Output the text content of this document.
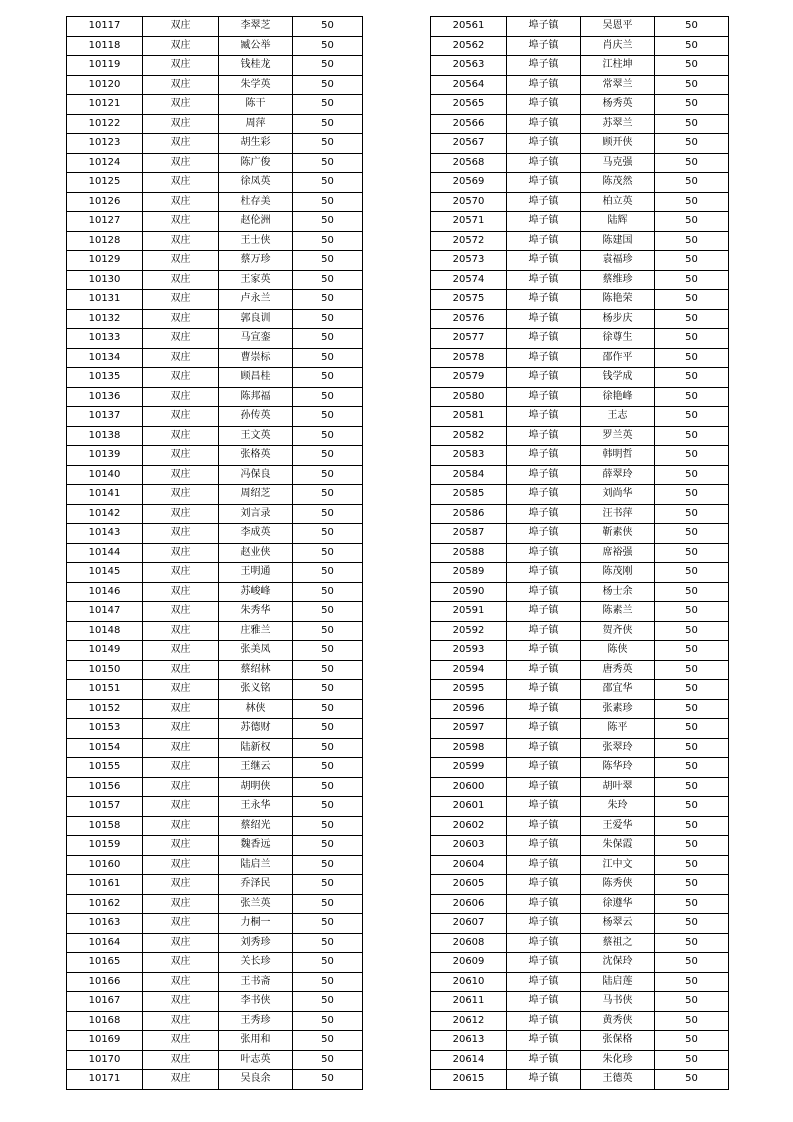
10117	双庄	李翠芝	50
10118	双庄	臧公举	50
10119	双庄	钱桂龙	50
10120	双庄	朱学英	50
10121	双庄	陈干	50
10122	双庄	周萍	50
10123	双庄	胡生彩	50
10124	双庄	陈广俊	50
10125	双庄	徐凤英	50
10126	双庄	杜存美	50
10127	双庄	赵伦洲	50
10128	双庄	王士侠	50
10129	双庄	蔡万珍	50
10130	双庄	王家英	50
10131	双庄	卢永兰	50
10132	双庄	郭良训	50
10133	双庄	马宣銮	50
10134	双庄	曹崇标	50
10135	双庄	顾昌桂	50
10136	双庄	陈邦福	50
10137	双庄	孙传英	50
10138	双庄	王文英	50
10139	双庄	张格英	50
10140	双庄	冯保良	50
10141	双庄	周绍芝	50
10142	双庄	刘言录	50
10143	双庄	李成英	50
10144	双庄	赵业侠	50
10145	双庄	王明通	50
10146	双庄	苏峻峰	50
10147	双庄	朱秀华	50
10148	双庄	庄雅兰	50
10149	双庄	张美凤	50
10150	双庄	蔡绍林	50
10151	双庄	张义铭	50
10152	双庄	林侠	50
10153	双庄	苏德财	50
10154	双庄	陆新权	50
10155	双庄	王继云	50
10156	双庄	胡明侠	50
10157	双庄	王永华	50
10158	双庄	蔡绍光	50
10159	双庄	魏香远	50
10160	双庄	陆启兰	50
10161	双庄	乔泽民	50
10162	双庄	张兰英	50
10163	双庄	力桐一	50
10164	双庄	刘秀珍	50
10165	双庄	关长珍	50
10166	双庄	王书斋	50
10167	双庄	李书侠	50
10168	双庄	王秀珍	50
10169	双庄	张用和	50
10170	双庄	叶志英	50
10171	双庄	吴良余	50
20561	埠子镇	吴恩平	50
20562	埠子镇	肖庆兰	50
20563	埠子镇	江柱坤	50
20564	埠子镇	常翠兰	50
20565	埠子镇	杨秀英	50
20566	埠子镇	苏翠兰	50
20567	埠子镇	顾开侠	50
20568	埠子镇	马克强	50
20569	埠子镇	陈茂然	50
20570	埠子镇	柏立英	50
20571	埠子镇	陆辉	50
20572	埠子镇	陈建国	50
20573	埠子镇	袁福珍	50
20574	埠子镇	蔡维珍	50
20575	埠子镇	陈艳荣	50
20576	埠子镇	杨步庆	50
20577	埠子镇	徐尊生	50
20578	埠子镇	邵作平	50
20579	埠子镇	钱学成	50
20580	埠子镇	徐艳峰	50
20581	埠子镇	王志	50
20582	埠子镇	罗兰英	50
20583	埠子镇	韩明哲	50
20584	埠子镇	薛翠玲	50
20585	埠子镇	刘尚华	50
20586	埠子镇	汪书萍	50
20587	埠子镇	靳素侠	50
20588	埠子镇	席裕强	50
20589	埠子镇	陈茂刚	50
20590	埠子镇	杨士余	50
20591	埠子镇	陈素兰	50
20592	埠子镇	贺齐侠	50
20593	埠子镇	陈侠	50
20594	埠子镇	唐秀英	50
20595	埠子镇	邵宜华	50
20596	埠子镇	张素珍	50
20597	埠子镇	陈平	50
20598	埠子镇	张翠玲	50
20599	埠子镇	陈华玲	50
20600	埠子镇	胡叶翠	50
20601	埠子镇	朱玲	50
20602	埠子镇	王爱华	50
20603	埠子镇	朱保霞	50
20604	埠子镇	江中文	50
20605	埠子镇	陈秀侠	50
20606	埠子镇	徐遵华	50
20607	埠子镇	杨翠云	50
20608	埠子镇	蔡祖之	50
20609	埠子镇	沈保玲	50
20610	埠子镇	陆启莲	50
20611	埠子镇	马书侠	50
20612	埠子镇	黄秀侠	50
20613	埠子镇	张保格	50
20614	埠子镇	朱化珍	50
20615	埠子镇	王德英	50
